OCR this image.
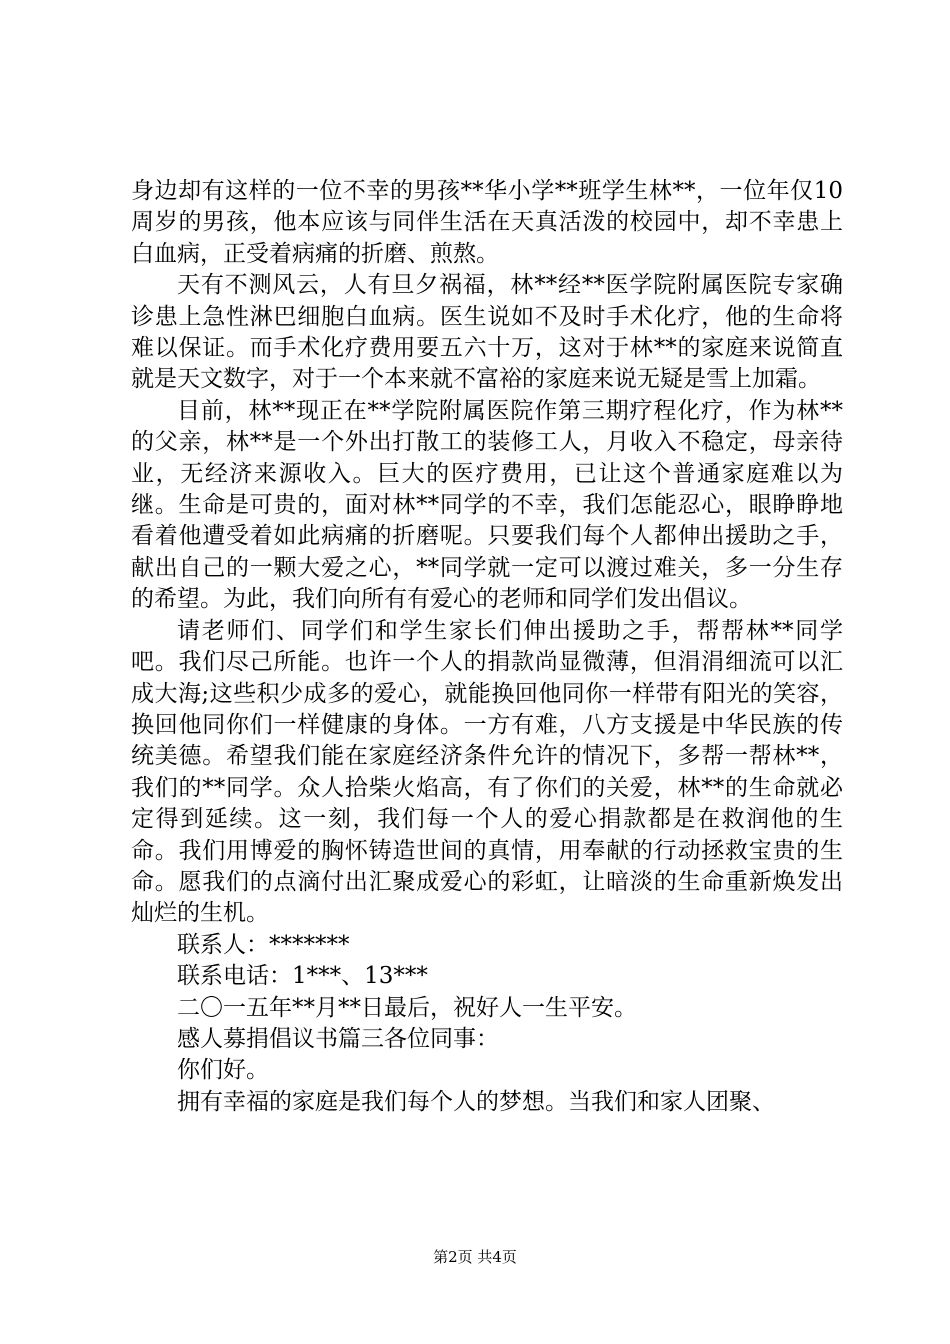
身边却有这样的一位不幸的男孩**华小学**班学生林**，一位年仅10周岁的男孩，他本应该与同伴生活在天真活泼的校园中，却不幸患上白血病，正受着病痛的折磨、煎熬。

天有不测风云，人有旦夕祸福，林**经**医学院附属医院专家确诊患上急性淋巴细胞白血病。医生说如不及时手术化疗，他的生命将难以保证。而手术化疗费用要五六十万，这对于林**的家庭来说简直就是天文数字，对于一个本来就不富裕的家庭来说无疑是雪上加霜。

目前，林**现正在**学院附属医院作第三期疗程化疗，作为林**的父亲，林**是一个外出打散工的装修工人，月收入不稳定，母亲待业，无经济来源收入。巨大的医疗费用，已让这个普通家庭难以为继。生命是可贵的，面对林**同学的不幸，我们怎能忍心，眼睁睁地看着他遭受着如此病痛的折磨呢。只要我们每个人都伸出援助之手，献出自己的一颗大爱之心，**同学就一定可以渡过难关，多一分生存的希望。为此，我们向所有有爱心的老师和同学们发出倡议。

请老师们、同学们和学生家长们伸出援助之手，帮帮林**同学吧。我们尽己所能。也许一个人的捐款尚显微薄，但涓涓细流可以汇成大海;这些积少成多的爱心，就能换回他同你一样带有阳光的笑容，换回他同你们一样健康的身体。一方有难，八方支援是中华民族的传统美德。希望我们能在家庭经济条件允许的情况下，多帮一帮林**，我们的**同学。众人拾柴火焰高，有了你们的关爱，林**的生命就必定得到延续。这一刻，我们每一个人的爱心捐款都是在救润他的生命。我们用博爱的胸怀铸造世间的真情，用奉献的行动拯救宝贵的生命。愿我们的点滴付出汇聚成爱心的彩虹，让暗淡的生命重新焕发出灿烂的生机。

联系人：*******

联系电话：1***、13***

二〇一五年**月**日最后，祝好人一生平安。

感人募捐倡议书篇三各位同事：

你们好。

拥有幸福的家庭是我们每个人的梦想。当我们和家人团聚、

第2页 共4页
